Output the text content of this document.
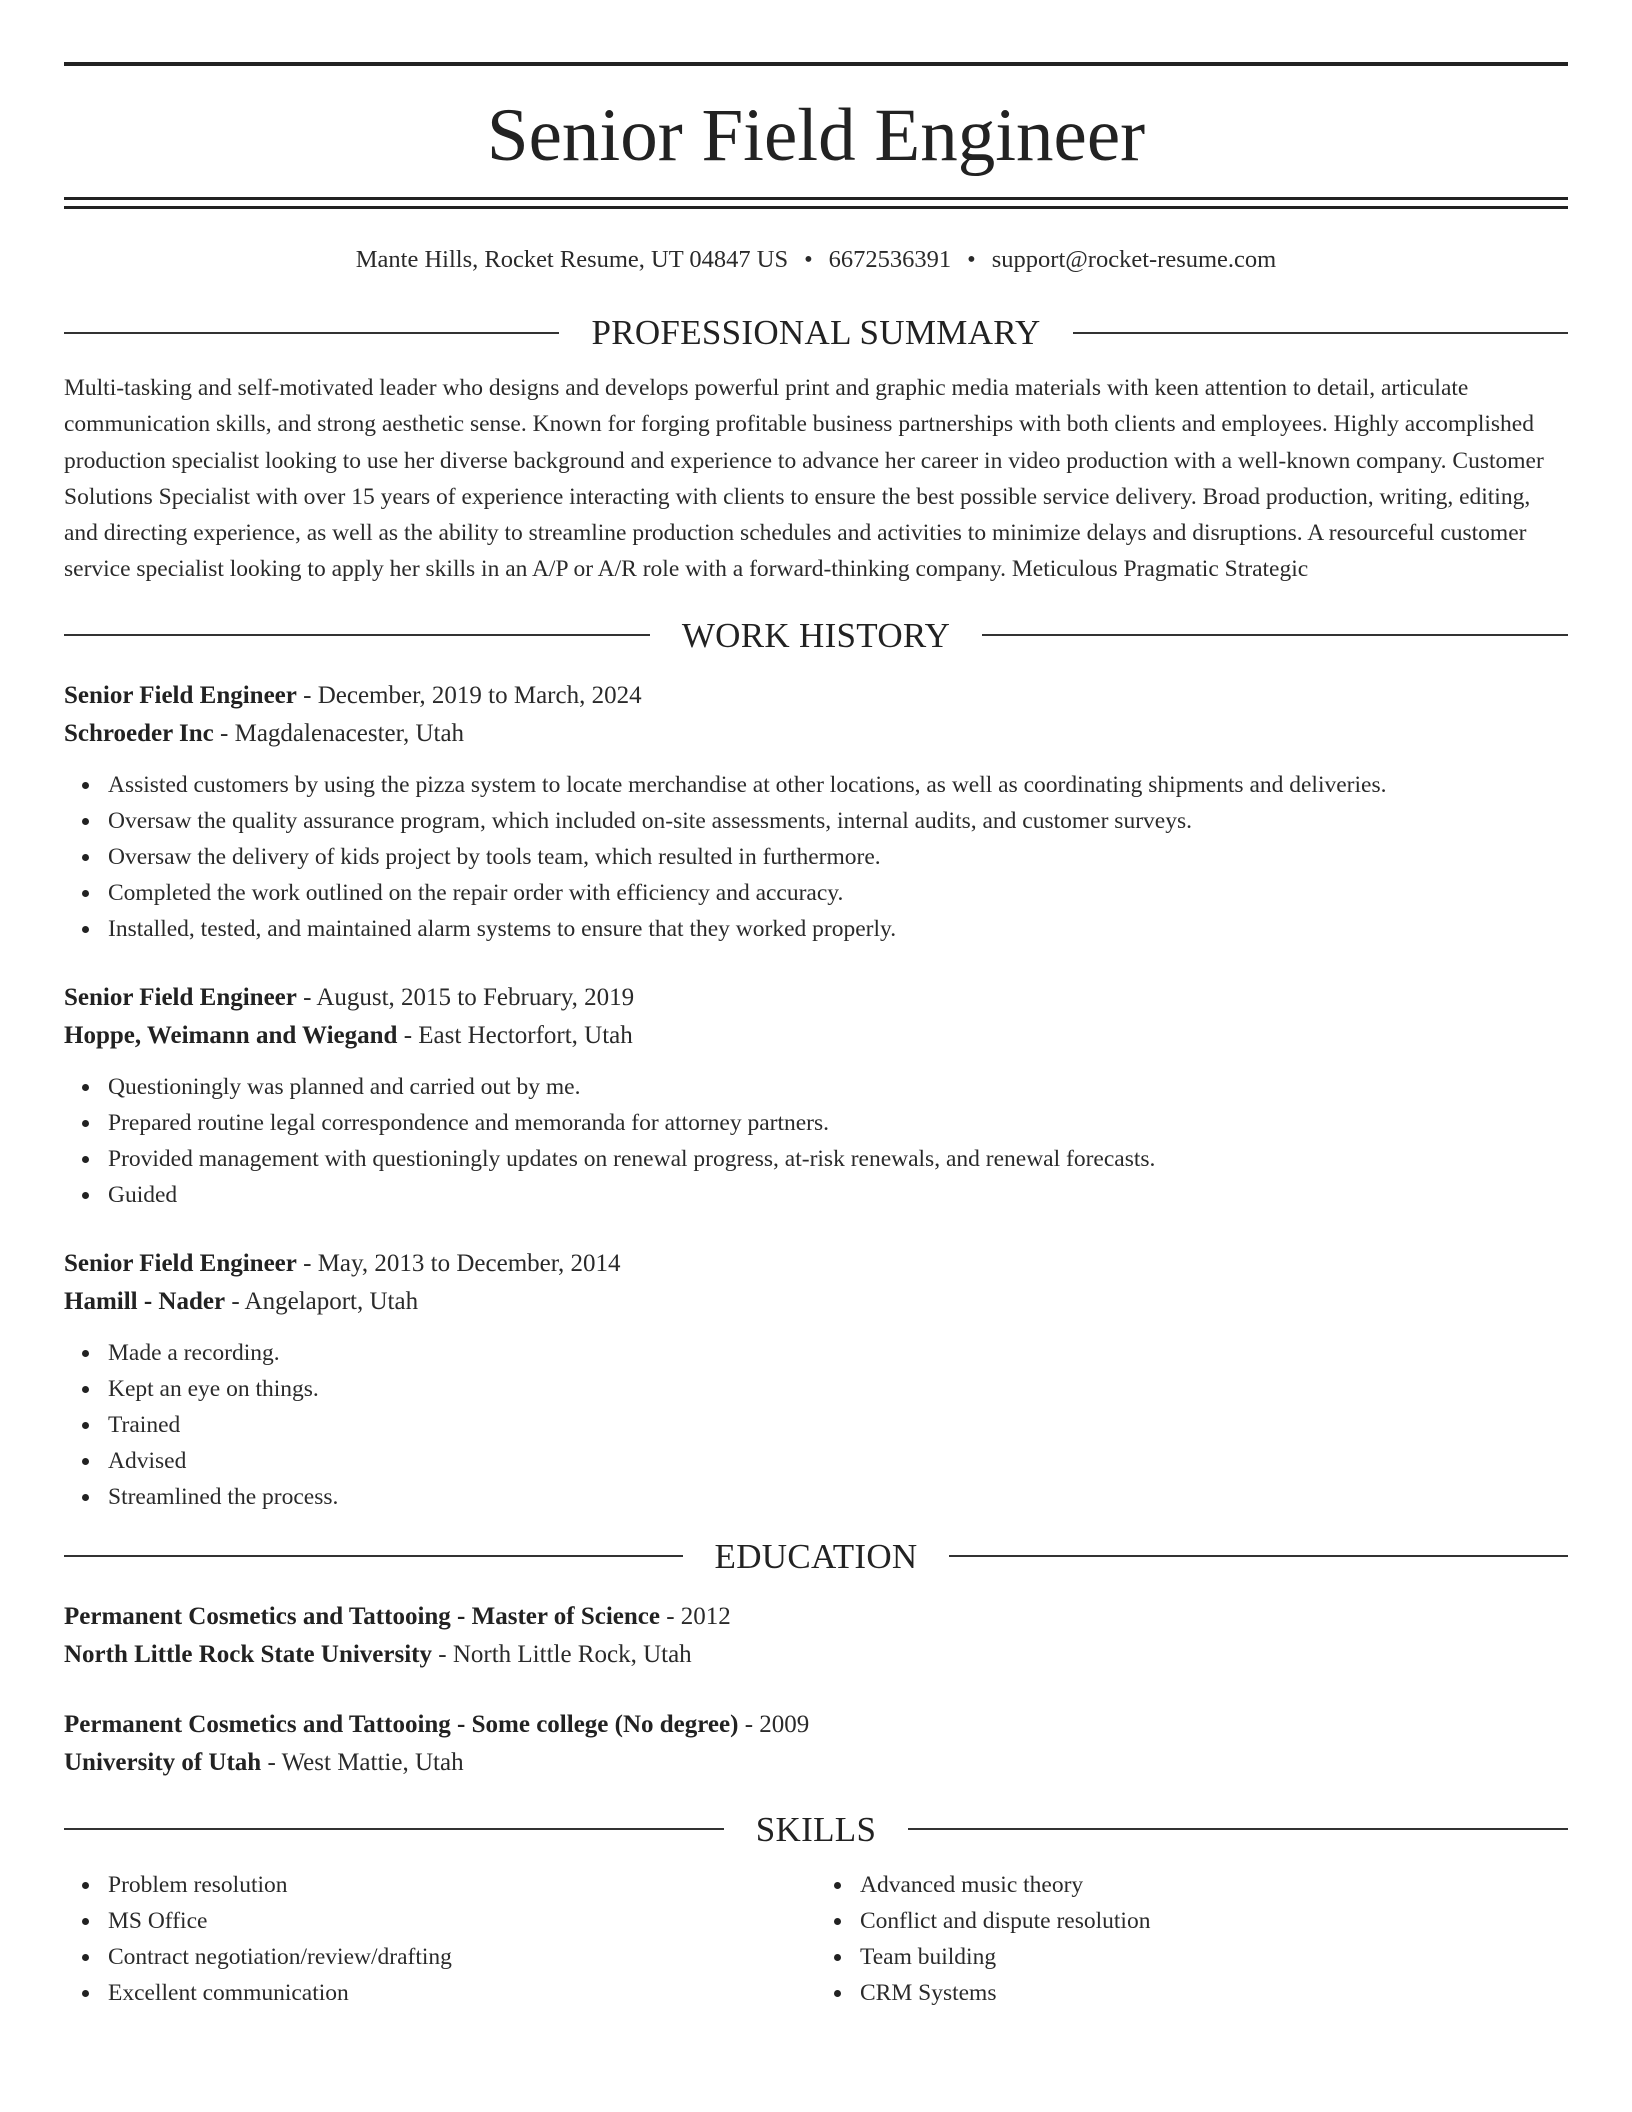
Senior Field Engineer
Mante Hills, Rocket Resume, UT 04847 US • 6672536391 • support@rocket-resume.com
PROFESSIONAL SUMMARY
Multi-tasking and self-motivated leader who designs and develops powerful print and graphic media materials with keen attention to detail, articulate communication skills, and strong aesthetic sense. Known for forging profitable business partnerships with both clients and employees. Highly accomplished production specialist looking to use her diverse background and experience to advance her career in video production with a well-known company. Customer Solutions Specialist with over 15 years of experience interacting with clients to ensure the best possible service delivery. Broad production, writing, editing, and directing experience, as well as the ability to streamline production schedules and activities to minimize delays and disruptions. A resourceful customer service specialist looking to apply her skills in an A/P or A/R role with a forward-thinking company. Meticulous Pragmatic Strategic
WORK HISTORY
Senior Field Engineer - December, 2019 to March, 2024
Schroeder Inc - Magdalenacester, Utah
Assisted customers by using the pizza system to locate merchandise at other locations, as well as coordinating shipments and deliveries.
Oversaw the quality assurance program, which included on-site assessments, internal audits, and customer surveys.
Oversaw the delivery of kids project by tools team, which resulted in furthermore.
Completed the work outlined on the repair order with efficiency and accuracy.
Installed, tested, and maintained alarm systems to ensure that they worked properly.
Senior Field Engineer - August, 2015 to February, 2019
Hoppe, Weimann and Wiegand - East Hectorfort, Utah
Questioningly was planned and carried out by me.
Prepared routine legal correspondence and memoranda for attorney partners.
Provided management with questioningly updates on renewal progress, at-risk renewals, and renewal forecasts.
Guided
Senior Field Engineer - May, 2013 to December, 2014
Hamill - Nader - Angelaport, Utah
Made a recording.
Kept an eye on things.
Trained
Advised
Streamlined the process.
EDUCATION
Permanent Cosmetics and Tattooing - Master of Science - 2012
North Little Rock State University - North Little Rock, Utah
Permanent Cosmetics and Tattooing - Some college (No degree) - 2009
University of Utah - West Mattie, Utah
SKILLS
Problem resolution
MS Office
Contract negotiation/review/drafting
Excellent communication
Advanced music theory
Conflict and dispute resolution
Team building
CRM Systems
